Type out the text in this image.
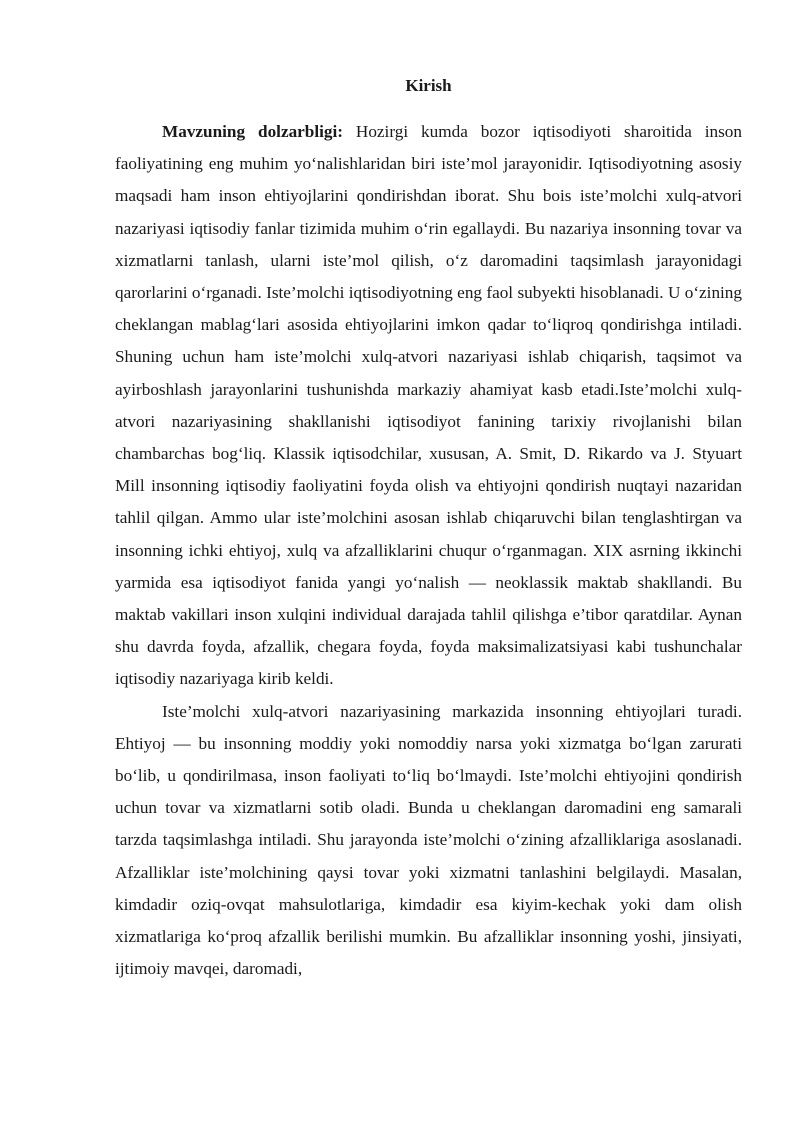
Kirish

Mavzuning dolzarbligi: Hozirgi kumda bozor iqtisodiyoti sharoitida inson faoliyatining eng muhim yo‘nalishlaridan biri iste’mol jarayonidir. Iqtisodiyotning asosiy maqsadi ham inson ehtiyojlarini qondirishdan iborat. Shu bois iste’molchi xulq-atvori nazariyasi iqtisodiy fanlar tizimida muhim o‘rin egallaydi. Bu nazariya insonning tovar va xizmatlarni tanlash, ularni iste’mol qilish, o‘z daromadini taqsimlash jarayonidagi qarorlarini o‘rganadi. Iste’molchi iqtisodiyotning eng faol subyekti hisoblanadi. U o‘zining cheklangan mablag‘lari asosida ehtiyojlarini imkon qadar to‘liqroq qondirishga intiladi. Shuning uchun ham iste’molchi xulq-atvori nazariyasi ishlab chiqarish, taqsimot va ayirboshlash jarayonlarini tushunishda markaziy ahamiyat kasb etadi.Iste’molchi xulq-atvori nazariyasining shakllanishi iqtisodiyot fanining tarixiy rivojlanishi bilan chambarchas bog‘liq. Klassik iqtisodchilar, xususan, A. Smit, D. Rikardo va J. Styuart Mill insonning iqtisodiy faoliyatini foyda olish va ehtiyojni qondirish nuqtayi nazaridan tahlil qilgan. Ammo ular iste’molchini asosan ishlab chiqaruvchi bilan tenglashtirgan va insonning ichki ehtiyoj, xulq va afzalliklarini chuqur o‘rganmagan. XIX asrning ikkinchi yarmida esa iqtisodiyot fanida yangi yo‘nalish — neoklassik maktab shakllandi. Bu maktab vakillari inson xulqini individual darajada tahlil qilishga e’tibor qaratdilar. Aynan shu davrda foyda, afzallik, chegara foyda, foyda maksimalizatsiyasi kabi tushunchalar iqtisodiy nazariyaga kirib keldi.

Iste’molchi xulq-atvori nazariyasining markazida insonning ehtiyojlari turadi. Ehtiyoj — bu insonning moddiy yoki nomoddiy narsa yoki xizmatga bo‘lgan zarurati bo‘lib, u qondirilmasa, inson faoliyati to‘liq bo‘lmaydi. Iste’molchi ehtiyojini qondirish uchun tovar va xizmatlarni sotib oladi. Bunda u cheklangan daromadini eng samarali tarzda taqsimlashga intiladi. Shu jarayonda iste’molchi o‘zining afzalliklariga asoslanadi. Afzalliklar iste’molchining qaysi tovar yoki xizmatni tanlashini belgilaydi. Masalan, kimdadir oziq-ovqat mahsulotlariga, kimdadir esa kiyim-kechak yoki dam olish xizmatlariga ko‘proq afzallik berilishi mumkin. Bu afzalliklar insonning yoshi, jinsiyati, ijtimoiy mavqei, daromadi,
